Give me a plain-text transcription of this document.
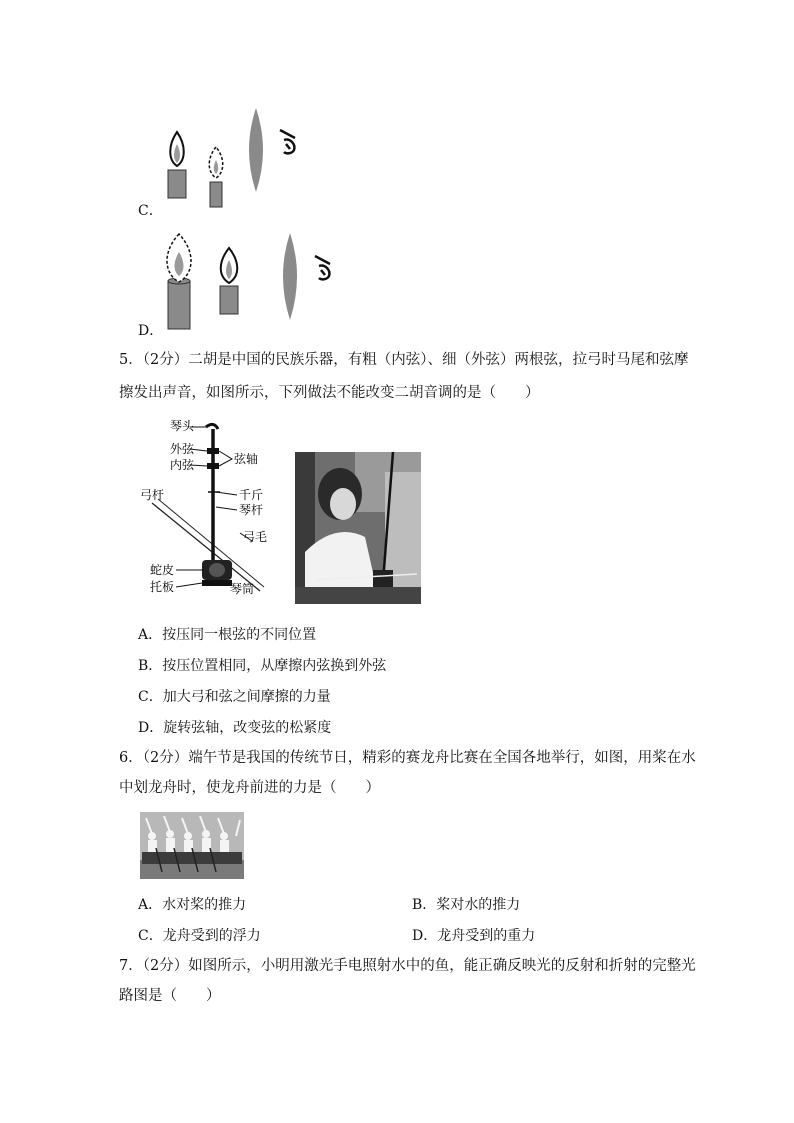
C．
D．
5．（2分）二胡是中国的民族乐器，有粗（内弦）、细（外弦）两根弦，拉弓时马尾和弦摩
擦发出声音，如图所示，下列做法不能改变二胡音调的是（　　）
琴头
外弦
内弦	弦轴
弓杆	千斤
琴杆
弓毛
蛇皮
托板	琴筒
A．按压同一根弦的不同位置
B．按压位置相同，从摩擦内弦换到外弦
C．加大弓和弦之间摩擦的力量
D．旋转弦轴，改变弦的松紧度
6．（2分）端午节是我国的传统节日，精彩的赛龙舟比赛在全国各地举行，如图，用桨在水
中划龙舟时，使龙舟前进的力是（　　）
A．水对桨的推力	B．桨对水的推力
C．龙舟受到的浮力	D．龙舟受到的重力
7．（2分）如图所示，小明用激光手电照射水中的鱼，能正确反映光的反射和折射的完整光
路图是（　　）
